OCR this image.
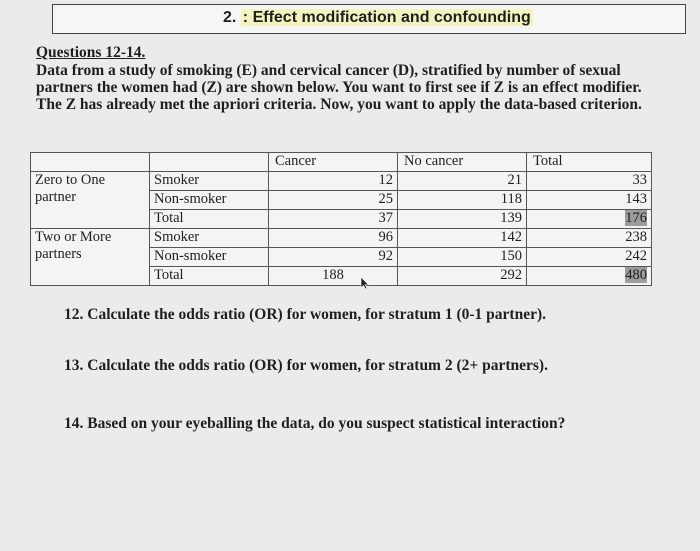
2. : Effect modification and confounding
Questions 12-14.
Data from a study of smoking (E) and cervical cancer (D), stratified by number of sexual
partners the women had (Z) are shown below. You want to first see if Z is an effect modifier.
The Z has already met the apriori criteria. Now, you want to apply the data-based criterion.
		Cancer	No cancer	Total

Zero to One
partner	Smoker	12	21	33
	Non-smoker	25	118	143
	Total	37	139	176

Two or More
partners	Smoker	96	142	238
	Non-smoker	92	150	242
	Total	188	292	480
12. Calculate the odds ratio (OR) for women, for stratum 1 (0-1 partner).
13. Calculate the odds ratio (OR) for women, for stratum 2 (2+ partners).
14. Based on your eyeballing the data, do you suspect statistical interaction?
